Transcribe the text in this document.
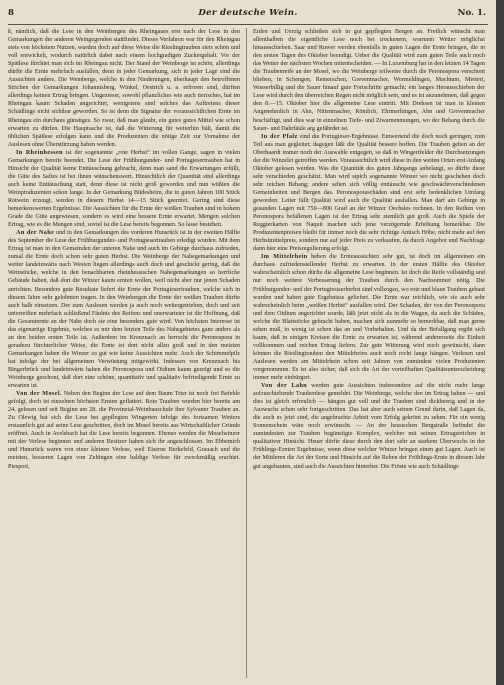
8	Der deutsche Wein.	No. 1.

ß, nämlich, daß die Lese in den Weinbergen des Rheingaues erst nach der Lese in den Gemarkungen der anderen Weingegenden stattfindet. Dieses Verfahren war für den Rheingau stets von höchstem Nutzen, wurden doch auf diese Weise die Rieslingtrauben stets schön und voll entwickelt, wodurch natürlich dabei nach einem hochgradigen Zuckergehalt. Vor der Spätlese fürchtet man sich im Rheingau nicht. Der Stand der Weinberge ist schön, allerdings dürfte die Ernte mehrfach ausfallen, denn in jeder Gemarkung, sich in jeder Lage sind die Aussichten andere. Die Weinberge, welche in den Niederungen, überhaupt den betroffenen Strichen der Gemarkungen Johannisberg, Winkel, Oestrich u. a. erfroren sind, dürften allerdings keinen Ertrag bringen. Ungezieser, sowohl pflanzliches wie auch tierisches, hat im Rheingau kaum Schaden angerichtet, wenigstens sind solches das Auftretens dieser Schädlinge nicht sichtbar geworden. So ist denn die Signatur der voraussichtlichen Ernte im Rheingau ein durchaus günstiges. So zwar, daß man glaubt, ein gutes gutes Mittel wie schon erwarten zu dürfen. Die Hauptsache ist, daß die Witterung für weiterhin hält, damit die üblichen Spätlese erfolgen kann und die Produzenten die nötige Zeit zur Vornahme der Auslesen ohne Überstürzung haben werden.

In Rheinhessen ist der sogenannte „rote Herbst“ im vollen Gange, sagen in vielen Gemarkungen bereits beendet. Die Lese der Frühburgunder- und Portugiesertrauben hat in Hinsicht der Qualität keine Enttäuschung gebracht, denn man sand die Erwartungen erfüllt, die Güte des Saftes ist bei ihnen wünschenswert. Hinsichtlich der Quantität sind allerdings auch keine Enttäuschung statt, denn diese ist nicht groß geworden und nun wüßten die Weinproduzenten schon lange. In der Gemarkung Büdesheim, die in guten Jahren 100 Stück Rotwein erzeugt, werden in diesem Herbst 14—15 Stück geerntet. Gering sind diese bemerkenswerten Ergebnisse. Die Aussichten für die Ernte der weißen Trauben sind in hohem Grade die Güte angewiesen, sondern es wird eine bessere Ernte erwartet. Mengen solchen Ertrag, wie es die Mengen sind, soviel ist die Lese bereits begonnen. So lasse bestehen.

An der Nahe und in den Gemarkungen des vorderen Hunsrück ist in der zweiten Hälfte des September die Lese der Frühburgunder- und Portugiesertrauben erledigt worden. Mit dem Ertrag ist man in den Gemeinden der unteren Nahe und auch im Gebirge durchaus zufrieden, zumal die Ernte doch schon sehr guten Herbst. Die Weinberge der Nahegemarkungen und weiter landeinwärts nach Westen liegen allerdings auch doch und geschickt gering, daß die Weinstöcke, welche in den benachbarten rheinhessischen Nahegemarkungen so herrliche Gebäude haben, daß dort die Winzer kaum ernten wollen, weil nicht aber nur jenen Schaden anrichten. Besonders gute Resultate liefert die Ernte der Portugiesertrauben, welche sich in diesem Jahre sehr gelohnten tragen. In den Weinbergen die Ernte der weißen Trauben dürfte auch halb einsetzen. Der zum Auslesen werden ja auch noch weitergetrieben, doch und seit unterreiften mehrfach schließend Fäulnis des Reifens und unerwarteter ist die Hoffnung, daß die Gesamternte an der Nahe doch sie eine besonders gute wird. Von höchsten Interesse ist das eigenartige Ergebnis, welches es mir dem letzten Teile des Nahegebietes ganz anders als an den beiden ersten Teile ist. Außerdem im Kreuznach an herrscht die Peronospora in geradezu fürchterlicher Weise, die Ernte ist dort nicht allzu groß und in den meisten Gemarkungen haben die Winzer so gut wie keine Aussichten mehr. Auch der Schimmelpilz hat infolge der bei allgemeinen Verwüstung mitgewirkt. Indessen von Kreuznach bis Bingerbrück und landeinwärts haben die Peronospora und Oidium kaum gezeigt und so die Weinberge geschont, daß dort eine schöne, quantitativ und qualitativ befriedigende Ernte zu erwarten ist.

Von der Mosel. Neben den Beginn der Lese auf dem Baum Trier ist noch frei Befehle gefolgt, doch ist einzelnen höchsten Ernten geflattert. Rote Trauben wurden hier bereits am 24. gelesen und seit Beginn am 28. die Provinzial-Weinbauschule ihre Sylvaner Trauben an. Zu Olewig hat sich die Lese bei gepflegten Wingerten infolge des fortsamen Wetters erstaunlich gut auf seine Lese geschritten, doch im Mosel bereits aus Wirtschaftlicher Gründe eröffnet. Auch in Avelsbach hat die Lese bereits begonnen. Ebenso werden die Moselwinzer mit der Verlese beginnen und anderen Besitzer haben sich ihr angeschlossen. Im Ebbemich und Hunsrück waren von einer kleinen Verlese, weil Eiserne Berkefeld, Grauach und die meisten, besseren Lagen von Zeltingen eine baldige Verlese für zweckmäßig erachtet. Piesport,

Erden und Uerzig schließen sich in gut gepflegten Bergen an. Freilich wünscht man allenthalben die eigentliche Lese noch bei trockenem, warmem Wetter möglichst hinausschieben. Saar und Ruwer werden ebenfalls in guten Lagen die Ernte bringen, die in den ersten Tagen des Oktober beendigt. Ueber die Qualität wird zum guten Teile auch noch das Wetter der nächsten Wochen mitentscheiden. — In Luxemburg hat in den letzten 14 Tagen die Traubenreife an der Mosel, wo die Weinberge teilweise durch die Peronospora verschont blieben, in Schengen, Remerschen, Grevenmacher, Wormeldingen, Machtum, Mertert, Wasserbillig und die Sauer hinauf gute Fortschritte gemacht; ein langes Herausschieben der Lese wird durch den überreichen Regen nicht möglich sein, und es ist anzunehmen, daß gegen den 8.—15. Oktober hier die allgemeine Lese eintritt. Mit Drehsen ist man in kleinen Angenehmlich in Ahn, Nittenmacher, Römlich, Ehrmerhingen, Ahn und Grevenmacher beschäftigt, und dies war in einzelnen Tiefe- und Ziwarnenmungen, wo der Behang durch die Sauer- und Dahrfäule arg gefährdet ist.

In der Pfalz sind die Portugieser-Ergebnisse. Entwertend die doch noch geringen, zum Teil aus man gegleitet; dagegen läßt die Qualität bessere hoffen. Die Trauben geben an der Oberhaardt immer noch der Auswahle entgegen, so daß in Wingertfelder die Durchsetzungen der die Winzelei getroffen werden. Voraussichtlich wird diese in den weiten Orten erst Anfang Oktober gelesen werden. Was die Quantität des guten Jahrgangs anbelangt, so dürfte diese sehr verschieden geschätzt. Man wird sipich sogenannte Winzer wo nicht geschehen doch sehr reichen Behang; andere sehen sich völlig enttäuscht wie geschwächtverschiedenen Gemeinheiten und Bergen das. Peronosporaschäden sind erst sehr bedenklichen Umfang geworden. Leiter fällt Qualität wird auch die Qualität ausfallen. Man darf am Gebirge in gesunden Lagen mit 750—800 Grad an der Winzer Oechsles rechnen. In den Reihen von Peronospora befallenen Lagen ist der Ertrag sehr ziemlich gut groß. Auch die Spiele der Reggierkarten von Naquit machen sich jene verzögernde Erhöhung bemerkbar. Die Produzentenpreisen bleibt für immer noch die sehr richtige Antisch Höhe, nicht mehr auf den Herbstmittelpreis, sondern nur auf jeder Preis zu verkaufen, da durch Angebot und Nachfrage dann hier eine Preisregulierung erfolgt.

Im Mittelrhein heben die Ernteaussichten sehr gut, ist doch im allgemeinen ein durchaus zufriedenstellender Herbst zu erwarten. In der ersten Hälfte des Oktober wahrscheinlich schon dürfte die allgemeine Lese beginnen. Ist doch die Reife vollständig und nur noch weitere Verbesserung der Trauben durch den Nachsommer nötig. Die Frühburgunder- und der Portugiesiserberbst sind vollzogen, wo rote und blaue Trauben gebaut wurden und haben gute Ergebnisse geliefert. Die Ernte war reichlich, wie sie auch sehr wahrscheinlich beim „weißen Herbst“ ausfallen wird. Der Schaden, der von der Peronospora und dem Oidium angerichtet wurde, läßt jetzt nicht als in die Wagen, da auch die Schäden, welche die Blattstöcke gebracht haben, machen sich nunmehr so bemerkbar, daß man gerne sehen muß, in wenig ist schon das an und Vorbehalten. Und da der Befallgang ergibt sich kaum, daß in einigen Kreisen die Ernte zu erwarten ist, während andererseits die Einheit vollkommen und reichen Ertrag liefern. Zur gute Witterung wird noch gewünscht, dann können die Rieslingtrauben den Mittelrheins auch noch recht lange hängen. Verlesen und Auslesen werden am Mittelrhein schon seit Jahren von zumindest vielen Produzenten vorgenommen. Es ist also sicher, daß sich die Art der vorteilhaften Qualitätsunterscheidung immer mehr einbürgert.

Von der Lahn werden gute Aussichten insbesondere auf die nicht mehr lange aufzuschiebende Traubenlese gemeldet. Die Weinberge, welche den im Ertrag haben — und dies ist gleich erfreulich — hängen gut voll und die Trauben sind dickbeerig und in der Auswuchs schon sehr fortgeschritten. Das hat aber auch seinen Grund darin, daß Lagen da, die auch es jetzt sind, die angebrachte Arbeit vom Erfolg gekrönt zu sehen. Für ein wenig Sonnenschein wäre noch erwünscht. — An der hessischen Bergstraße befindet die zumindesten zur Trauben begünstigte Komplex, welcher mit seinen Ertragsreichen in qualitativer Hinsicht. Heuer dürfte diese durch den dort sehr an starkem Überwuchs in der Frühlings-Ernten Ergebnisse, wenn diese welcher Winzer bringen einen gut Lagen. Auch ist der Mittleren die Art der Sorte und Hinsicht auf die Reben der Frühlings-Ernte in diesem Jahr gut angebauten, sind auch die Aussichten hinterher. Die Fröste wie auch Schädlinge
